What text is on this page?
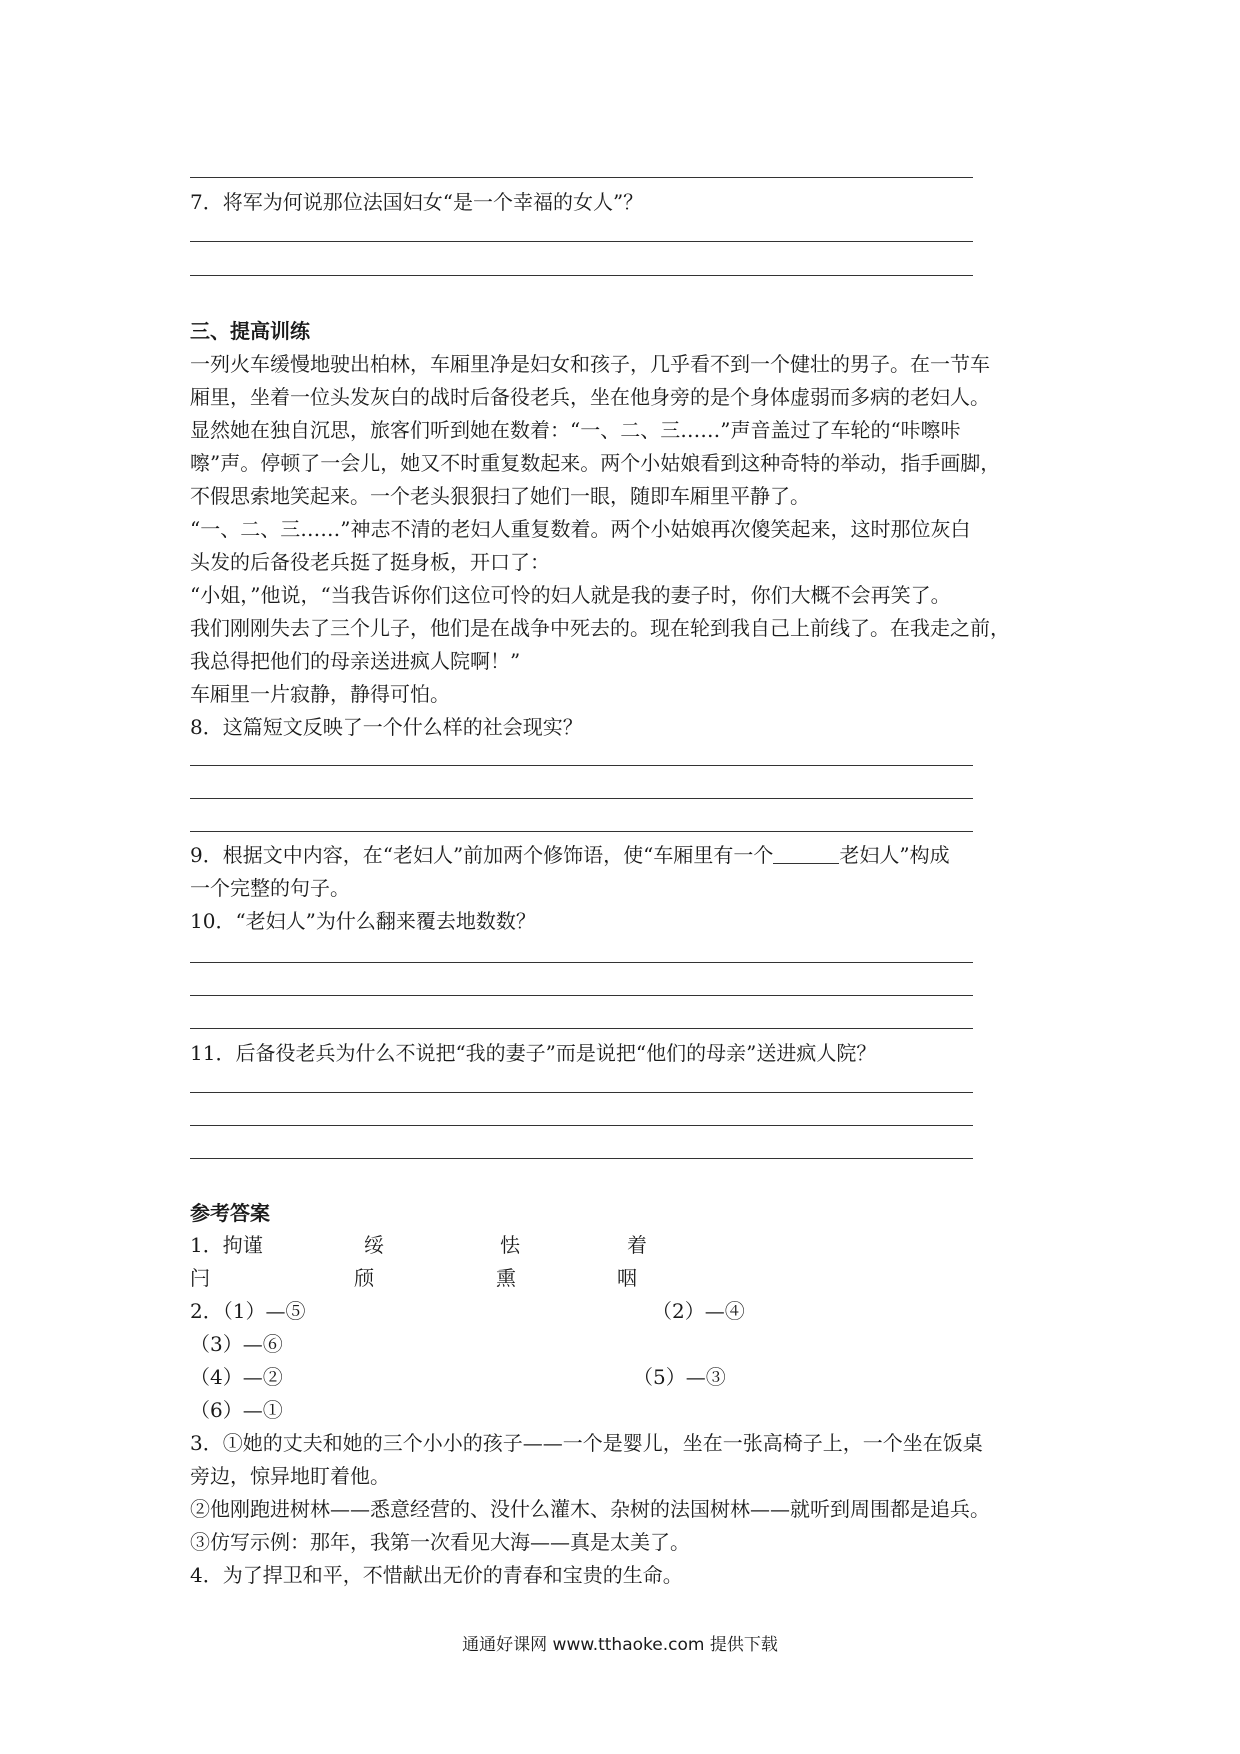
7．将军为何说那位法国妇女“是一个幸福的女人”？

三、提高训练

一列火车缓慢地驶出柏林，车厢里净是妇女和孩子，几乎看不到一个健壮的男子。在一节车

厢里，坐着一位头发灰白的战时后备役老兵，坐在他身旁的是个身体虚弱而多病的老妇人。

显然她在独自沉思，旅客们听到她在数着：“一、二、三……”声音盖过了车轮的“咔嚓咔

嚓”声。停顿了一会儿，她又不时重复数起来。两个小姑娘看到这种奇特的举动，指手画脚，

不假思索地笑起来。一个老头狠狠扫了她们一眼，随即车厢里平静了。

“一、二、三……”神志不清的老妇人重复数着。两个小姑娘再次傻笑起来，这时那位灰白

头发的后备役老兵挺了挺身板，开口了：

“小姐，”他说，“当我告诉你们这位可怜的妇人就是我的妻子时，你们大概不会再笑了。

我们刚刚失去了三个儿子，他们是在战争中死去的。现在轮到我自己上前线了。在我走之前，

我总得把他们的母亲送进疯人院啊！”

车厢里一片寂静，静得可怕。

8．这篇短文反映了一个什么样的社会现实？

9．根据文中内容，在“老妇人”前加两个修饰语，使“车厢里有一个	老妇人”构成

一个完整的句子。

10．“老妇人”为什么翻来覆去地数数？

11．后备役老兵为什么不说把“我的妻子”而是说把“他们的母亲”送进疯人院？

参考答案

1．拘谨	绥	怯	着

闩	颀	熏	咽

2．（1）—⑤	（2）—④

（3）—⑥

（4）—②	（5）—③

（6）—①

3．①她的丈夫和她的三个小小的孩子——一个是婴儿，坐在一张高椅子上，一个坐在饭桌

旁边，惊异地盯着他。

②他刚跑进树林——悉意经营的、没什么灌木、杂树的法国树林——就听到周围都是追兵。

③仿写示例：那年，我第一次看见大海——真是太美了。

4．为了捍卫和平，不惜献出无价的青春和宝贵的生命。

通通好课网 www.tthaoke.com 提供下载
